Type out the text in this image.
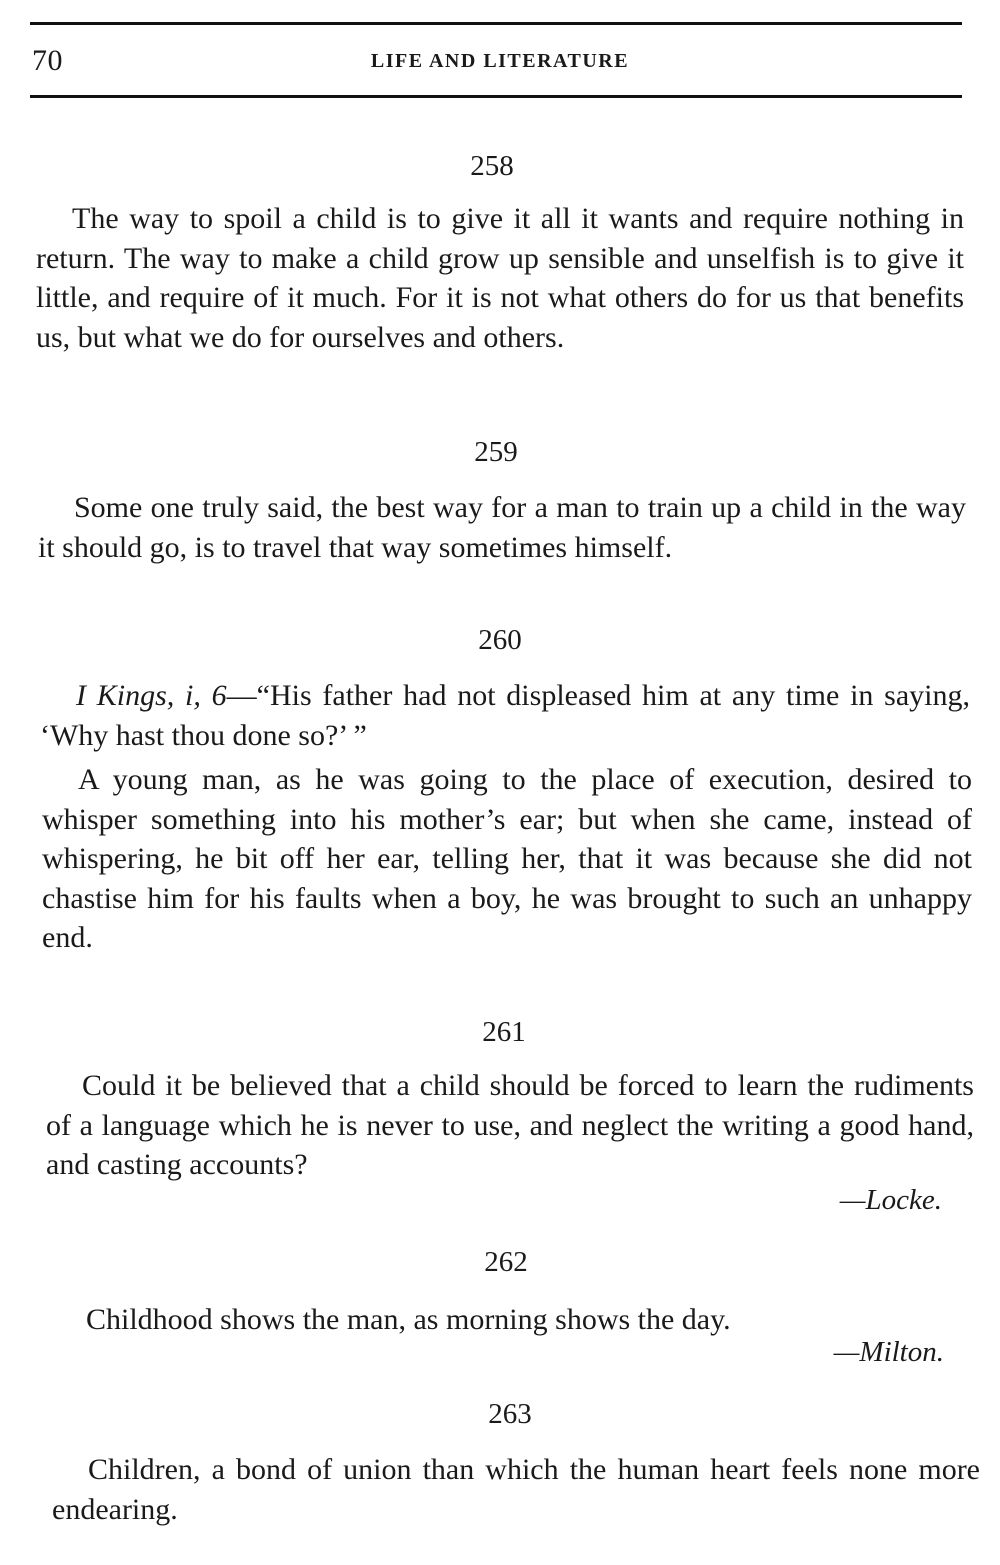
70	LIFE AND LITERATURE
258

The way to spoil a child is to give it all it wants and require nothing in return. The way to make a child grow up sensible and unselfish is to give it little, and require of it much. For it is not what others do for us that benefits us, but what we do for ourselves and others.

259

Some one truly said, the best way for a man to train up a child in the way it should go, is to travel that way sometimes himself.

260

I Kings, i, 6—“His father had not displeased him at any time in saying, ‘Why hast thou done so?’ ”

A young man, as he was going to the place of execution, desired to whisper something into his mother’s ear; but when she came, instead of whispering, he bit off her ear, telling her, that it was because she did not chastise him for his faults when a boy, he was brought to such an unhappy end.

261

Could it be believed that a child should be forced to learn the rudiments of a language which he is never to use, and neglect the writing a good hand, and casting accounts?

—Locke.
262

Childhood shows the man, as morning shows the day.

—Milton.
263

Children, a bond of union than which the human heart feels none more endearing.
